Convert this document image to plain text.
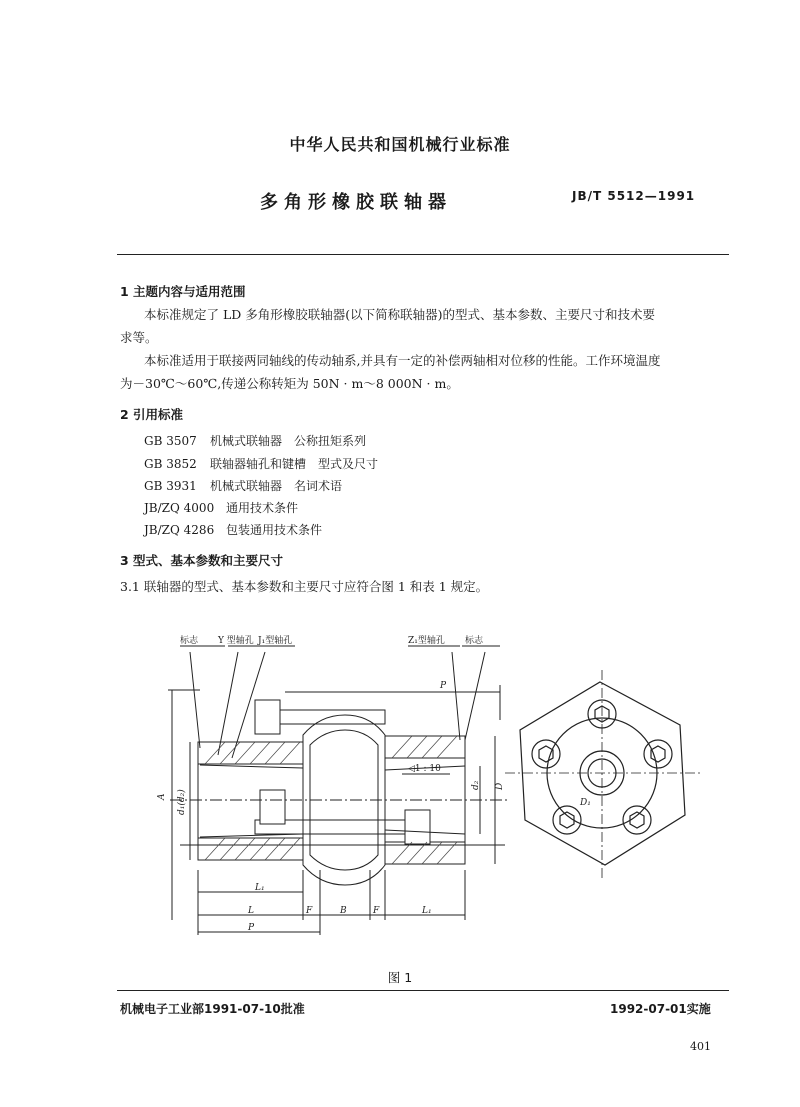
中华人民共和国机械行业标准
多角形橡胶联轴器	JB/T 5512—1991
1 主题内容与适用范围
本标准规定了 LD 多角形橡胶联轴器(以下简称联轴器)的型式、基本参数、主要尺寸和技术要
求等。
本标准适用于联接两同轴线的传动轴系,并具有一定的补偿两轴相对位移的性能。工作环境温度
为－30℃～60℃,传递公称转矩为 50N · m～8 000N · m。
2 引用标准
GB 3507 机械式联轴器　公称扭矩系列
GB 3852 联轴器轴孔和键槽　型式及尺寸
GB 3931 机械式联轴器　名词术语
JB/ZQ 4000 通用技术条件
JB/ZQ 4286 包装通用技术条件
3 型式、基本参数和主要尺寸
3.1 联轴器的型式、基本参数和主要尺寸应符合图 1 和表 1 规定。
标志 Y 型轴孔 J₁型轴孔	Z₁型轴孔 标志
P
A d₁(d₂)
◁1 : 10
d₂ D
D₁
L₁
L	F	B	F	L₁
P
图 1
机械电子工业部1991-07-10批准	1992-07-01实施
401
